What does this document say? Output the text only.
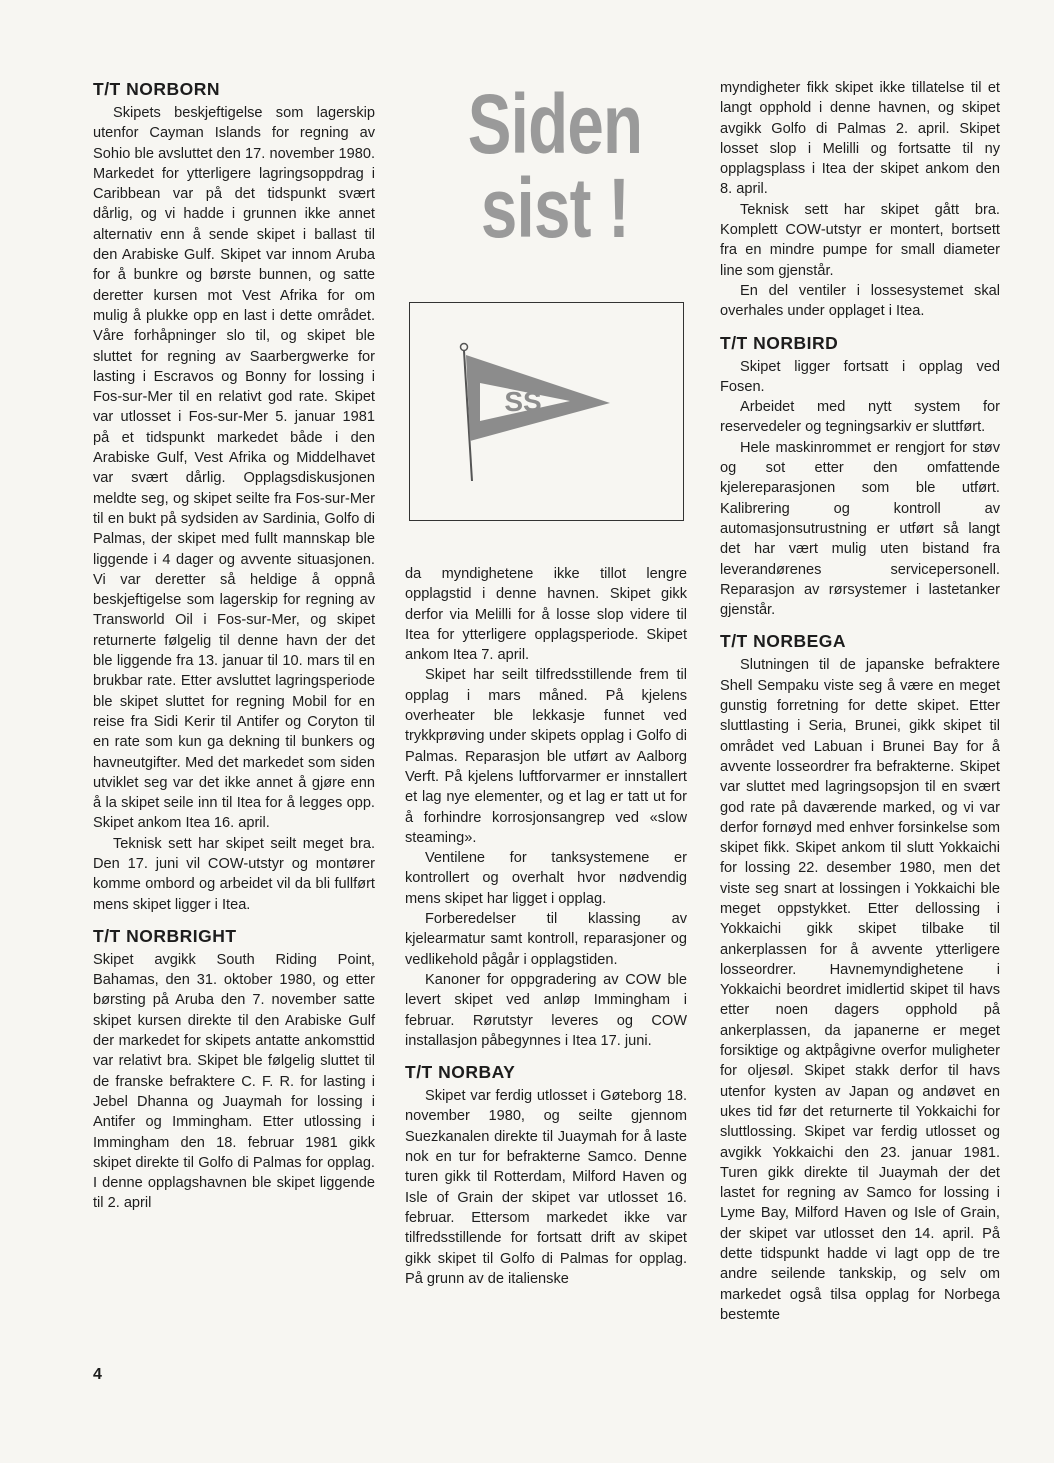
T/T NORBORN

Skipets beskjeftigelse som lagerskip utenfor Cayman Islands for regning av Sohio ble avsluttet den 17. november 1980. Markedet for ytterligere lagringsoppdrag i Caribbean var på det tidspunkt svært dårlig, og vi hadde i grunnen ikke annet alternativ enn å sende skipet i ballast til den Arabiske Gulf. Skipet var innom Aruba for å bunkre og børste bunnen, og satte deretter kursen mot Vest Afrika for om mulig å plukke opp en last i dette området. Våre forhåpninger slo til, og skipet ble sluttet for regning av Saarbergwerke for lasting i Escravos og Bonny for lossing i Fos-sur-Mer til en relativt god rate. Skipet var utlosset i Fos-sur-Mer 5. januar 1981 på et tidspunkt markedet både i den Arabiske Gulf, Vest Afrika og Middelhavet var svært dårlig. Opplagsdiskusjonen meldte seg, og skipet seilte fra Fos-sur-Mer til en bukt på sydsiden av Sardinia, Golfo di Palmas, der skipet med fullt mannskap ble liggende i 4 dager og avvente situasjonen. Vi var deretter så heldige å oppnå beskjeftigelse som lagerskip for regning av Transworld Oil i Fos-sur-Mer, og skipet returnerte følgelig til denne havn der det ble liggende fra 13. januar til 10. mars til en brukbar rate. Etter avsluttet lagringsperiode ble skipet sluttet for regning Mobil for en reise fra Sidi Kerir til Antifer og Coryton til en rate som kun ga dekning til bunkers og havneutgifter. Med det markedet som siden utviklet seg var det ikke annet å gjøre enn å la skipet seile inn til Itea for å legges opp. Skipet ankom Itea 16. april.

Teknisk sett har skipet seilt meget bra. Den 17. juni vil COW-utstyr og montører komme ombord og arbeidet vil da bli fullført mens skipet ligger i Itea.

T/T NORBRIGHT

Skipet avgikk South Riding Point, Bahamas, den 31. oktober 1980, og etter børsting på Aruba den 7. november satte skipet kursen direkte til den Arabiske Gulf der markedet for skipets antatte ankomsttid var relativt bra. Skipet ble følgelig sluttet til de franske befraktere C. F. R. for lasting i Jebel Dhanna og Juaymah for lossing i Antifer og Immingham. Etter utlossing i Immingham den 18. februar 1981 gikk skipet direkte til Golfo di Palmas for opplag. I denne opplagshavnen ble skipet liggende til 2. april

Siden
sist !
SS

da myndighetene ikke tillot lengre opplagstid i denne havnen. Skipet gikk derfor via Melilli for å losse slop videre til Itea for ytterligere opplagsperiode. Skipet ankom Itea 7. april.

Skipet har seilt tilfredsstillende frem til opplag i mars måned. På kjelens overheater ble lekkasje funnet ved trykkprøving under skipets opplag i Golfo di Palmas. Reparasjon ble utført av Aalborg Verft. På kjelens luftforvarmer er innstallert et lag nye elementer, og et lag er tatt ut for å forhindre korrosjonsangrep ved «slow steaming».

Ventilene for tanksystemene er kontrollert og overhalt hvor nødvendig mens skipet har ligget i opplag.

Forberedelser til klassing av kjelearmatur samt kontroll, reparasjoner og vedlikehold pågår i opplagstiden.

Kanoner for oppgradering av COW ble levert skipet ved anløp Immingham i februar. Rørutstyr leveres og COW installasjon påbegynnes i Itea 17. juni.

T/T NORBAY

Skipet var ferdig utlosset i Gøteborg 18. november 1980, og seilte gjennom Suezkanalen direkte til Juaymah for å laste nok en tur for befrakterne Samco. Denne turen gikk til Rotterdam, Milford Haven og Isle of Grain der skipet var utlosset 16. februar. Ettersom markedet ikke var tilfredsstillende for fortsatt drift av skipet gikk skipet til Golfo di Palmas for opplag. På grunn av de italienske

myndigheter fikk skipet ikke tillatelse til et langt opphold i denne havnen, og skipet avgikk Golfo di Palmas 2. april. Skipet losset slop i Melilli og fortsatte til ny opplagsplass i Itea der skipet ankom den 8. april.

Teknisk sett har skipet gått bra. Komplett COW-utstyr er montert, bortsett fra en mindre pumpe for small diameter line som gjenstår.

En del ventiler i lossesystemet skal overhales under opplaget i Itea.

T/T NORBIRD

Skipet ligger fortsatt i opplag ved Fosen.

Arbeidet med nytt system for reservedeler og tegningsarkiv er sluttført.

Hele maskinrommet er rengjort for støv og sot etter den omfattende kjelereparasjonen som ble utført. Kalibrering og kontroll av automasjonsutrustning er utført så langt det har vært mulig uten bistand fra leverandørenes servicepersonell. Reparasjon av rørsystemer i lastetanker gjenstår.

T/T NORBEGA

Slutningen til de japanske befraktere Shell Sempaku viste seg å være en meget gunstig forretning for dette skipet. Etter sluttlasting i Seria, Brunei, gikk skipet til området ved Labuan i Brunei Bay for å avvente losseordrer fra befrakterne. Skipet var sluttet med lagringsopsjon til en svært god rate på daværende marked, og vi var derfor fornøyd med enhver forsinkelse som skipet fikk. Skipet ankom til slutt Yokkaichi for lossing 22. desember 1980, men det viste seg snart at lossingen i Yokkaichi ble meget oppstykket. Etter dellossing i Yokkaichi gikk skipet tilbake til ankerplassen for å avvente ytterligere losseordrer. Havnemyndighetene i Yokkaichi beordret imidlertid skipet til havs etter noen dagers opphold på ankerplassen, da japanerne er meget forsiktige og aktpågivne overfor muligheter for oljesøl. Skipet stakk derfor til havs utenfor kysten av Japan og andøvet en ukes tid før det returnerte til Yokkaichi for sluttlossing. Skipet var ferdig utlosset og avgikk Yokkaichi den 23. januar 1981. Turen gikk direkte til Juaymah der det lastet for regning av Samco for lossing i Lyme Bay, Milford Haven og Isle of Grain, der skipet var utlosset den 14. april. På dette tidspunkt hadde vi lagt opp de tre andre seilende tankskip, og selv om markedet også tilsa opplag for Norbega bestemte

4
